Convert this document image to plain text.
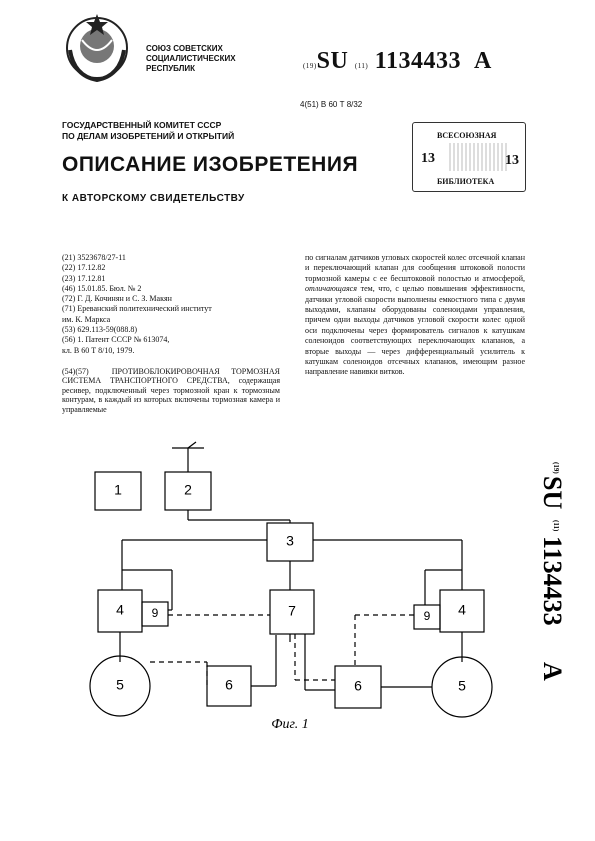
СОЮЗ СОВЕТСКИХ
СОЦИАЛИСТИЧЕСКИХ
РЕСПУБЛИК	(19)SU (11) 1134433 A
4(51) В 60 Т 8/32
ГОСУДАРСТВЕННЫЙ КОМИТЕТ СССР
ПО ДЕЛАМ ИЗОБРЕТЕНИЙ И ОТКРЫТИЙ	ВСЕСОЮЗНАЯ
13	13
БИБЛИОТЕКА
ОПИСАНИЕ ИЗОБРЕТЕНИЯ
К АВТОРСКОМУ СВИДЕТЕЛЬСТВУ
(21) 3523678/27-11
(22) 17.12.82
(23) 17.12.81
(46) 15.01.85. Бюл. № 2
(72) Г. Д. Кочинян и С. З. Макян
(71) Ереванский политехнический институт
им. К. Маркса
(53) 629.113-59(088.8)
(56) 1. Патент СССР № 613074,
кл. В 60 Т 8/10, 1979.
(54)(57)	ПРОТИВОБЛОКИРОВОЧНАЯ ТОРМОЗНАЯ СИСТЕМА ТРАНСПОРТНОГО СРЕДСТВА, содержащая ресивер, подключенный через тормозной кран к тормозным контурам, в каждый из которых включены тормозная камера и управляемые
по сигналам датчиков угловых скоростей колес отсечной клапан и переключающий клапан для сообщения штоковой полости тормозной камеры с ее бесштоковой полостью и атмосферой, отличающаяся тем, что, с целью повышения эффективности, датчики угловой скорости выполнены емкостного типа с двумя выходами, клапаны оборудованы соленоидами управления, причем одни выходы датчиков угловой скорости колес одной оси подключены через формирователь сигналов к катушкам соленоидов соответствующих переключающих клапанов, а вторые выходы — через дифференциальный усилитель к катушкам соленоидов отсечных клапанов, имеющим разное направление навивки витков.
(19)
SU
(11)
1134433
A
1	2
3
4 9
5	6
7	4
9
5
6
Фиг. 1
